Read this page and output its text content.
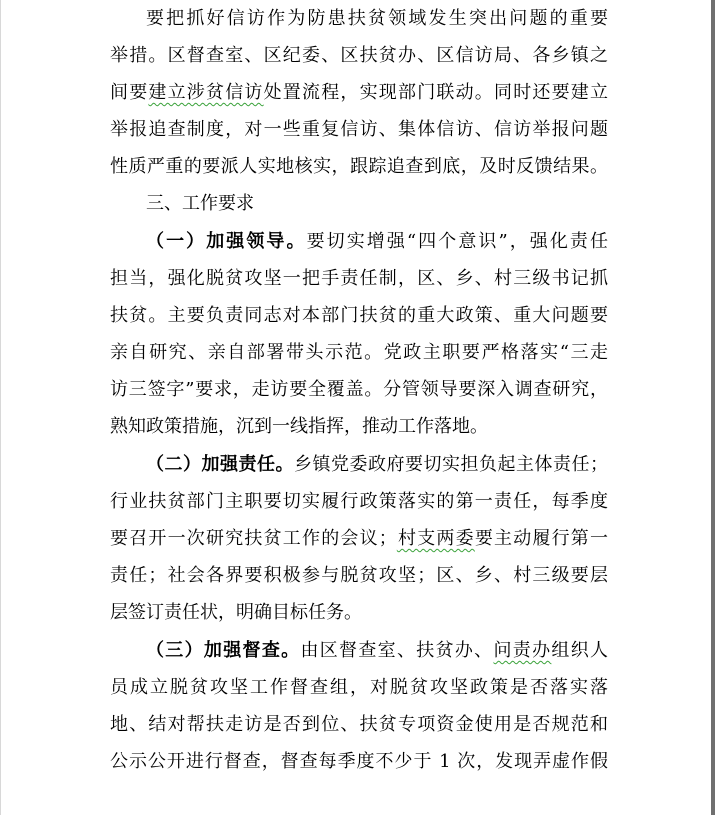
要把抓好信访作为防患扶贫领域发生突出问题的重要
举措。区督查室、区纪委、区扶贫办、区信访局、各乡镇之
间要建立涉贫信访处置流程，实现部门联动。同时还要建立
举报追查制度，对一些重复信访、集体信访、信访举报问题
性质严重的要派人实地核实，跟踪追查到底，及时反馈结果。
三、工作要求
（一）加强领导。要切实增强“四个意识”，强化责任
担当，强化脱贫攻坚一把手责任制，区、乡、村三级书记抓
扶贫。主要负责同志对本部门扶贫的重大政策、重大问题要
亲自研究、亲自部署带头示范。党政主职要严格落实“三走
访三签字”要求，走访要全覆盖。分管领导要深入调查研究，
熟知政策措施，沉到一线指挥，推动工作落地。
（二）加强责任。乡镇党委政府要切实担负起主体责任；
行业扶贫部门主职要切实履行政策落实的第一责任，每季度
要召开一次研究扶贫工作的会议；村支两委要主动履行第一
责任；社会各界要积极参与脱贫攻坚；区、乡、村三级要层
层签订责任状，明确目标任务。
（三）加强督查。由区督查室、扶贫办、问责办组织人
员成立脱贫攻坚工作督查组，对脱贫攻坚政策是否落实落
地、结对帮扶走访是否到位、扶贫专项资金使用是否规范和
公示公开进行督查，督查每季度不少于 1 次，发现弄虚作假
